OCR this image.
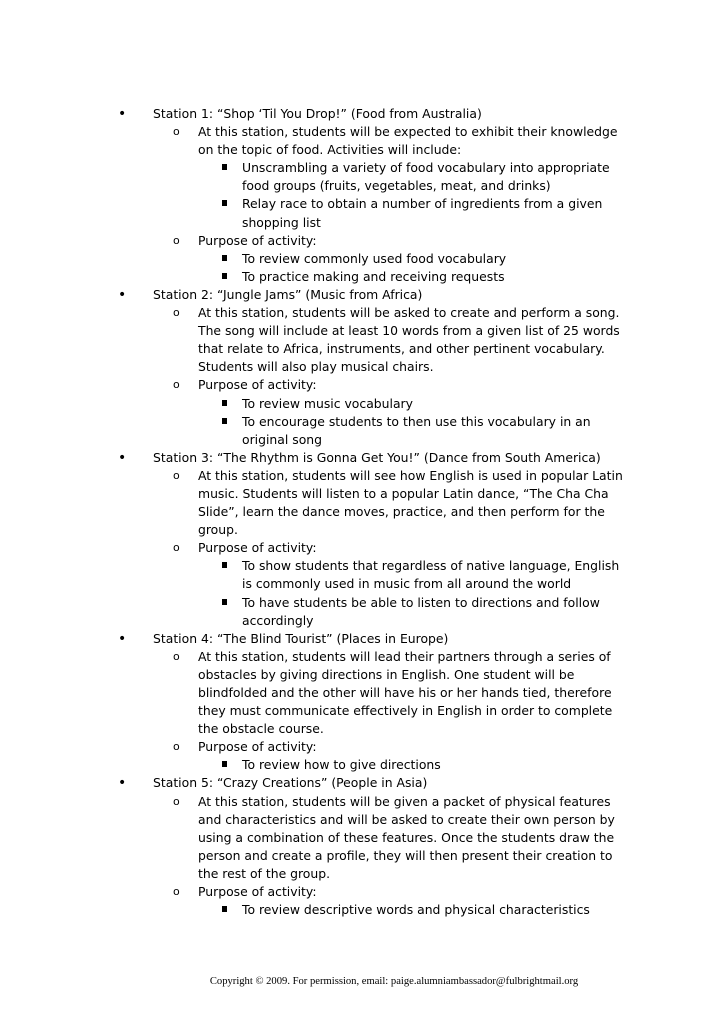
• Station 1: “Shop ‘Til You Drop!” (Food from Australia)
o At this station, students will be expected to exhibit their knowledge on the topic of food. Activities will include:
Unscrambling a variety of food vocabulary into appropriate food groups (fruits, vegetables, meat, and drinks)
Relay race to obtain a number of ingredients from a given shopping list
o Purpose of activity:
To review commonly used food vocabulary
To practice making and receiving requests
• Station 2: “Jungle Jams” (Music from Africa)
o At this station, students will be asked to create and perform a song. The song will include at least 10 words from a given list of 25 words that relate to Africa, instruments, and other pertinent vocabulary. Students will also play musical chairs.
o Purpose of activity:
To review music vocabulary
To encourage students to then use this vocabulary in an original song
• Station 3: “The Rhythm is Gonna Get You!” (Dance from South America)
o At this station, students will see how English is used in popular Latin music. Students will listen to a popular Latin dance, “The Cha Cha Slide”, learn the dance moves, practice, and then perform for the group.
o Purpose of activity:
To show students that regardless of native language, English is commonly used in music from all around the world
To have students be able to listen to directions and follow accordingly
• Station 4: “The Blind Tourist” (Places in Europe)
o At this station, students will lead their partners through a series of obstacles by giving directions in English. One student will be blindfolded and the other will have his or her hands tied, therefore they must communicate effectively in English in order to complete the obstacle course.
o Purpose of activity:
To review how to give directions
• Station 5: “Crazy Creations” (People in Asia)
o At this station, students will be given a packet of physical features and characteristics and will be asked to create their own person by using a combination of these features. Once the students draw the person and create a profile, they will then present their creation to the rest of the group.
o Purpose of activity:
To review descriptive words and physical characteristics
Copyright © 2009. For permission, email: paige.alumniambassador@fulbrightmail.org
